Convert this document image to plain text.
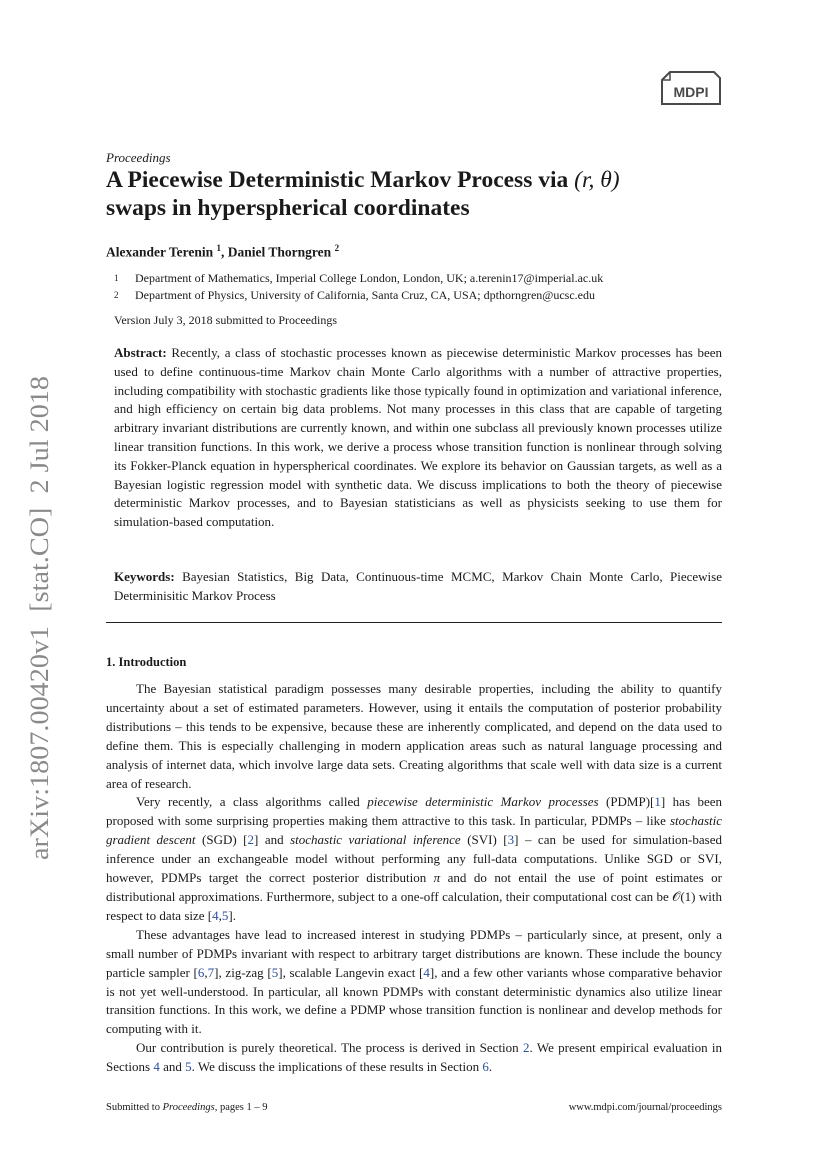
arXiv:1807.00420v1  [stat.CO]  2 Jul 2018
MDPI
Proceedings
A Piecewise Deterministic Markov Process via (r, θ)
swaps in hyperspherical coordinates
Alexander Terenin $^1$, Daniel Thorngren $^2$
1 Department of Mathematics, Imperial College London, London, UK; a.terenin17@imperial.ac.uk
2 Department of Physics, University of California, Santa Cruz, CA, USA; dpthorngren@ucsc.edu
Version July 3, 2018 submitted to Proceedings

Abstract: Recently, a class of stochastic processes known as piecewise deterministic Markov processes has been used to define continuous-time Markov chain Monte Carlo algorithms with a number of attractive properties, including compatibility with stochastic gradients like those typically found in optimization and variational inference, and high efficiency on certain big data problems. Not many processes in this class that are capable of targeting arbitrary invariant distributions are currently known, and within one subclass all previously known processes utilize linear transition functions. In this work, we derive a process whose transition function is nonlinear through solving its Fokker-Planck equation in hyperspherical coordinates. We explore its behavior on Gaussian targets, as well as a Bayesian logistic regression model with synthetic data. We discuss implications to both the theory of piecewise deterministic Markov processes, and to Bayesian statisticians as well as physicists seeking to use them for simulation-based computation.

Keywords: Bayesian Statistics, Big Data, Continuous-time MCMC, Markov Chain Monte Carlo, Piecewise Determinisitic Markov Process

1. Introduction

The Bayesian statistical paradigm possesses many desirable properties, including the ability to quantify uncertainty about a set of estimated parameters. However, using it entails the computation of posterior probability distributions – this tends to be expensive, because these are inherently complicated, and depend on the data used to define them. This is especially challenging in modern application areas such as natural language processing and analysis of internet data, which involve large data sets. Creating algorithms that scale well with data size is a current area of research.

Very recently, a class algorithms called piecewise deterministic Markov processes (PDMP)[1] has been proposed with some surprising properties making them attractive to this task. In particular, PDMPs – like stochastic gradient descent (SGD) [2] and stochastic variational inference (SVI) [3] – can be used for simulation-based inference under an exchangeable model without performing any full-data computations. Unlike SGD or SVI, however, PDMPs target the correct posterior distribution π and do not entail the use of point estimates or distributional approximations. Furthermore, subject to a one-off calculation, their computational cost can be 𝒪(1) with respect to data size [4,5].

These advantages have lead to increased interest in studying PDMPs – particularly since, at present, only a small number of PDMPs invariant with respect to arbitrary target distributions are known. These include the bouncy particle sampler [6,7], zig-zag [5], scalable Langevin exact [4], and a few other variants whose comparative behavior is not yet well-understood. In particular, all known PDMPs with constant deterministic dynamics also utilize linear transition functions. In this work, we define a PDMP whose transition function is nonlinear and develop methods for computing with it.

Our contribution is purely theoretical. The process is derived in Section 2. We present empirical evaluation in Sections 4 and 5. We discuss the implications of these results in Section 6.

Submitted to Proceedings, pages 1 – 9	www.mdpi.com/journal/proceedings
